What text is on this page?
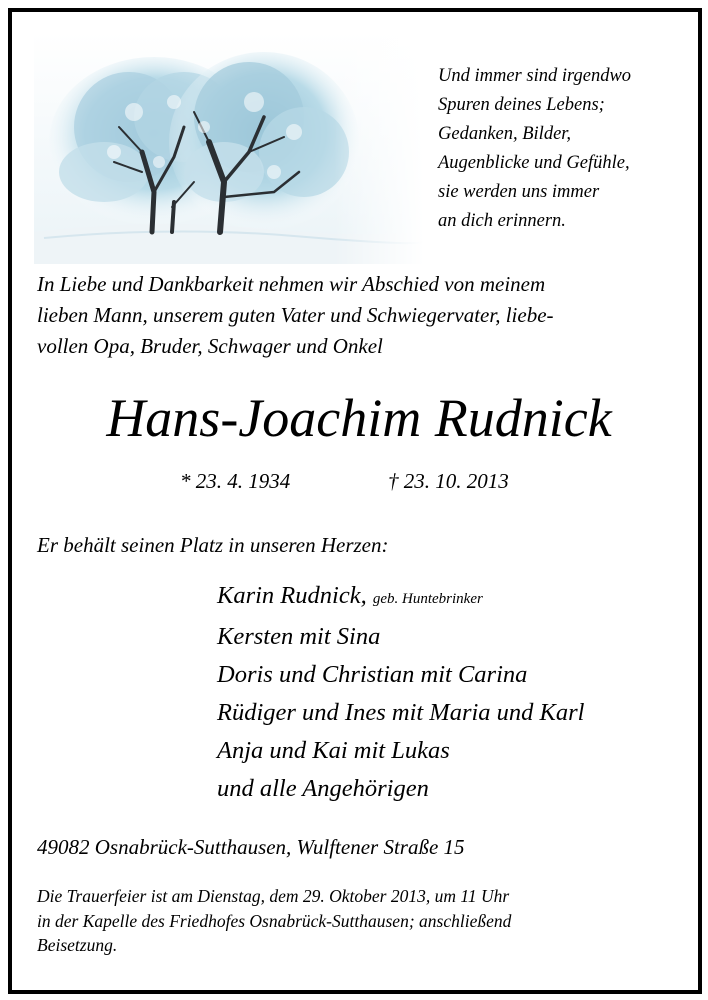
Und immer sind irgendwo
Spuren deines Lebens;
Gedanken, Bilder,
Augenblicke und Gefühle,
sie werden uns immer
an dich erinnern.
In Liebe und Dankbarkeit nehmen wir Abschied von meinem
lieben Mann, unserem guten Vater und Schwiegervater, liebe-
vollen Opa, Bruder, Schwager und Onkel
Hans-Joachim Rudnick
* 23. 4. 1934	† 23. 10. 2013
Er behält seinen Platz in unseren Herzen:
Karin Rudnick, geb. Huntebrinker
Kersten mit Sina
Doris und Christian mit Carina
Rüdiger und Ines mit Maria und Karl
Anja und Kai mit Lukas
und alle Angehörigen
49082 Osnabrück-Sutthausen, Wulftener Straße 15
Die Trauerfeier ist am Dienstag, dem 29. Oktober 2013, um 11 Uhr
in der Kapelle des Friedhofes Osnabrück-Sutthausen; anschließend
Beisetzung.
